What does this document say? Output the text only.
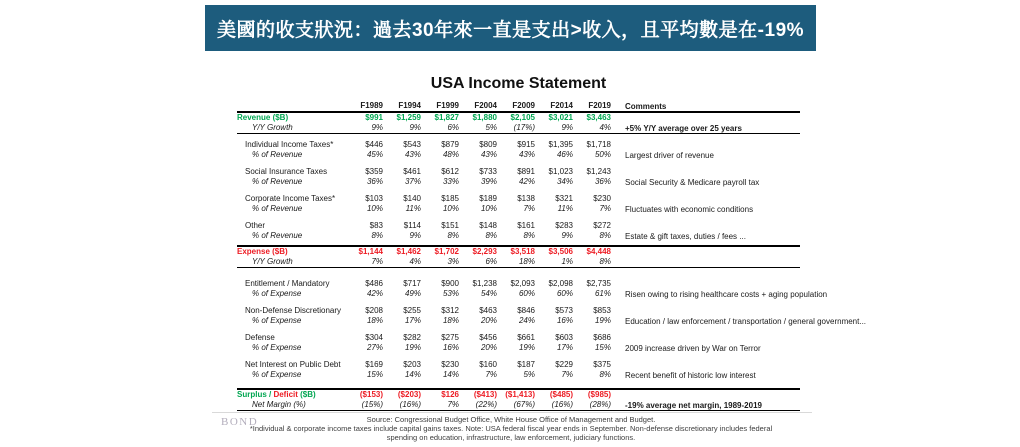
美國的收支狀況：過去30年來一直是支出>收入，且平均數是在-19%
USA Income Statement
	F1989	F1994	F1999	F2004	F2009	F2014	F2019	Comments
Revenue ($B)	$991	$1,259	$1,827	$1,880	$2,105	$3,021	$3,463	+5% Y/Y average over 25 years
Y/Y Growth	9%	9%	6%	5%	(17%)	9%	4%	

Individual Income Taxes*	$446	$543	$879	$809	$915	$1,395	$1,718	Largest driver of revenue
% of Revenue	45%	43%	48%	43%	43%	46%	50%	

Social Insurance Taxes	$359	$461	$612	$733	$891	$1,023	$1,243	Social Security & Medicare payroll tax
% of Revenue	36%	37%	33%	39%	42%	34%	36%	

Corporate Income Taxes*	$103	$140	$185	$189	$138	$321	$230	Fluctuates with economic conditions
% of Revenue	10%	11%	10%	10%	7%	11%	7%	

Other	$83	$114	$151	$148	$161	$283	$272	Estate & gift taxes, duties / fees ...
% of Revenue	8%	9%	8%	8%	8%	9%	8%	

Expense ($B)	$1,144	$1,462	$1,702	$2,293	$3,518	$3,506	$4,448	
Y/Y Growth	7%	4%	3%	6%	18%	1%	8%	

Entitlement / Mandatory	$486	$717	$900	$1,238	$2,093	$2,098	$2,735	Risen owing to rising healthcare costs + aging population
% of Expense	42%	49%	53%	54%	60%	60%	61%	

Non-Defense Discretionary	$208	$255	$312	$463	$846	$573	$853	Education / law enforcement / transportation / general government...
% of Expense	18%	17%	18%	20%	24%	16%	19%	

Defense	$304	$282	$275	$456	$661	$603	$686	2009 increase driven by War on Terror
% of Expense	27%	19%	16%	20%	19%	17%	15%	

Net Interest on Public Debt	$169	$203	$230	$160	$187	$229	$375	Recent benefit of historic low interest
% of Expense	15%	14%	14%	7%	5%	7%	8%	

Surplus / Deficit ($B)	($153)	($203)	$126	($413)	($1,413)	($485)	($985)	-19% average net margin, 1989-2019
Net Margin (%)	(15%)	(16%)	7%	(22%)	(67%)	(16%)	(28%)	
BOND	Source: Congressional Budget Office, White House Office of Management and Budget.
*Individual & corporate income taxes include capital gains taxes. Note: USA federal fiscal year ends in September. Non-defense discretionary includes federal
spending on education, infrastructure, law enforcement, judiciary functions.
